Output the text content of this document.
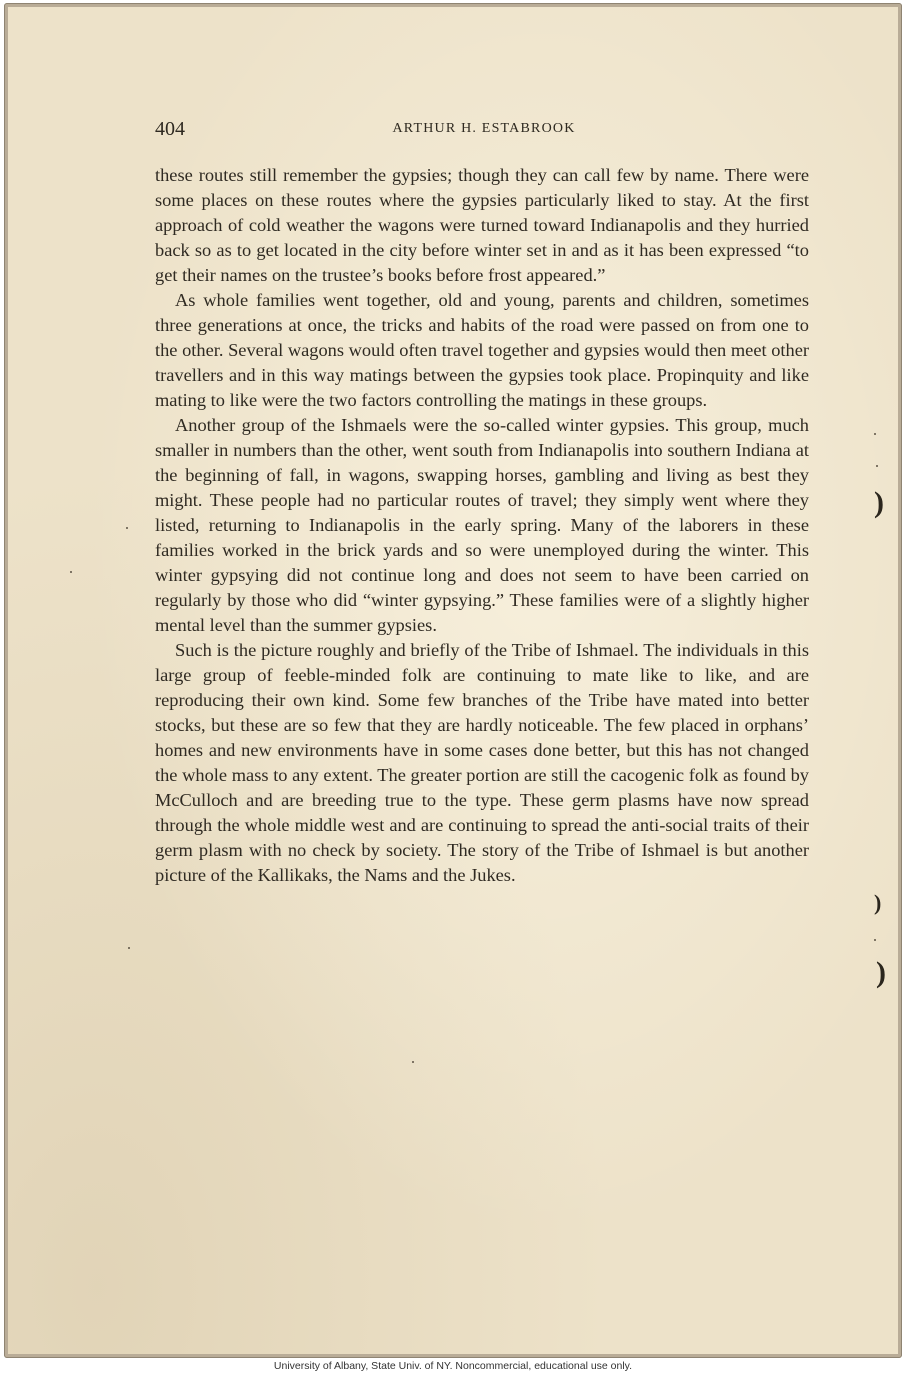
404	ARTHUR H. ESTABROOK

these routes still remember the gypsies; though they can call few by name. There were some places on these routes where the gypsies particularly liked to stay. At the first approach of cold weather the wagons were turned toward Indianapolis and they hurried back so as to get located in the city before winter set in and as it has been expressed “to get their names on the trustee’s books before frost appeared.”

As whole families went together, old and young, parents and children, sometimes three generations at once, the tricks and habits of the road were passed on from one to the other. Several wagons would often travel together and gypsies would then meet other travellers and in this way matings between the gypsies took place. Propinquity and like mating to like were the two factors controlling the matings in these groups.

Another group of the Ishmaels were the so-called winter gypsies. This group, much smaller in numbers than the other, went south from Indianapolis into southern Indiana at the beginning of fall, in wagons, swapping horses, gambling and living as best they might. These people had no particular routes of travel; they simply went where they listed, returning to Indianapolis in the early spring. Many of the laborers in these families worked in the brick yards and so were unemployed during the winter. This winter gypsying did not continue long and does not seem to have been carried on regularly by those who did “winter gypsying.” These families were of a slightly higher mental level than the summer gypsies.

Such is the picture roughly and briefly of the Tribe of Ishmael. The individuals in this large group of feeble-minded folk are continuing to mate like to like, and are reproducing their own kind. Some few branches of the Tribe have mated into better stocks, but these are so few that they are hardly noticeable. The few placed in orphans’ homes and new environments have in some cases done better, but this has not changed the whole mass to any extent. The greater portion are still the cacogenic folk as found by McCulloch and are breeding true to the type. These germ plasms have now spread through the whole middle west and are continuing to spread the anti-social traits of their germ plasm with no check by society. The story of the Tribe of Ishmael is but another picture of the Kallikaks, the Nams and the Jukes.

)
)
)
University of Albany, State Univ. of NY. Noncommercial, educational use only.
